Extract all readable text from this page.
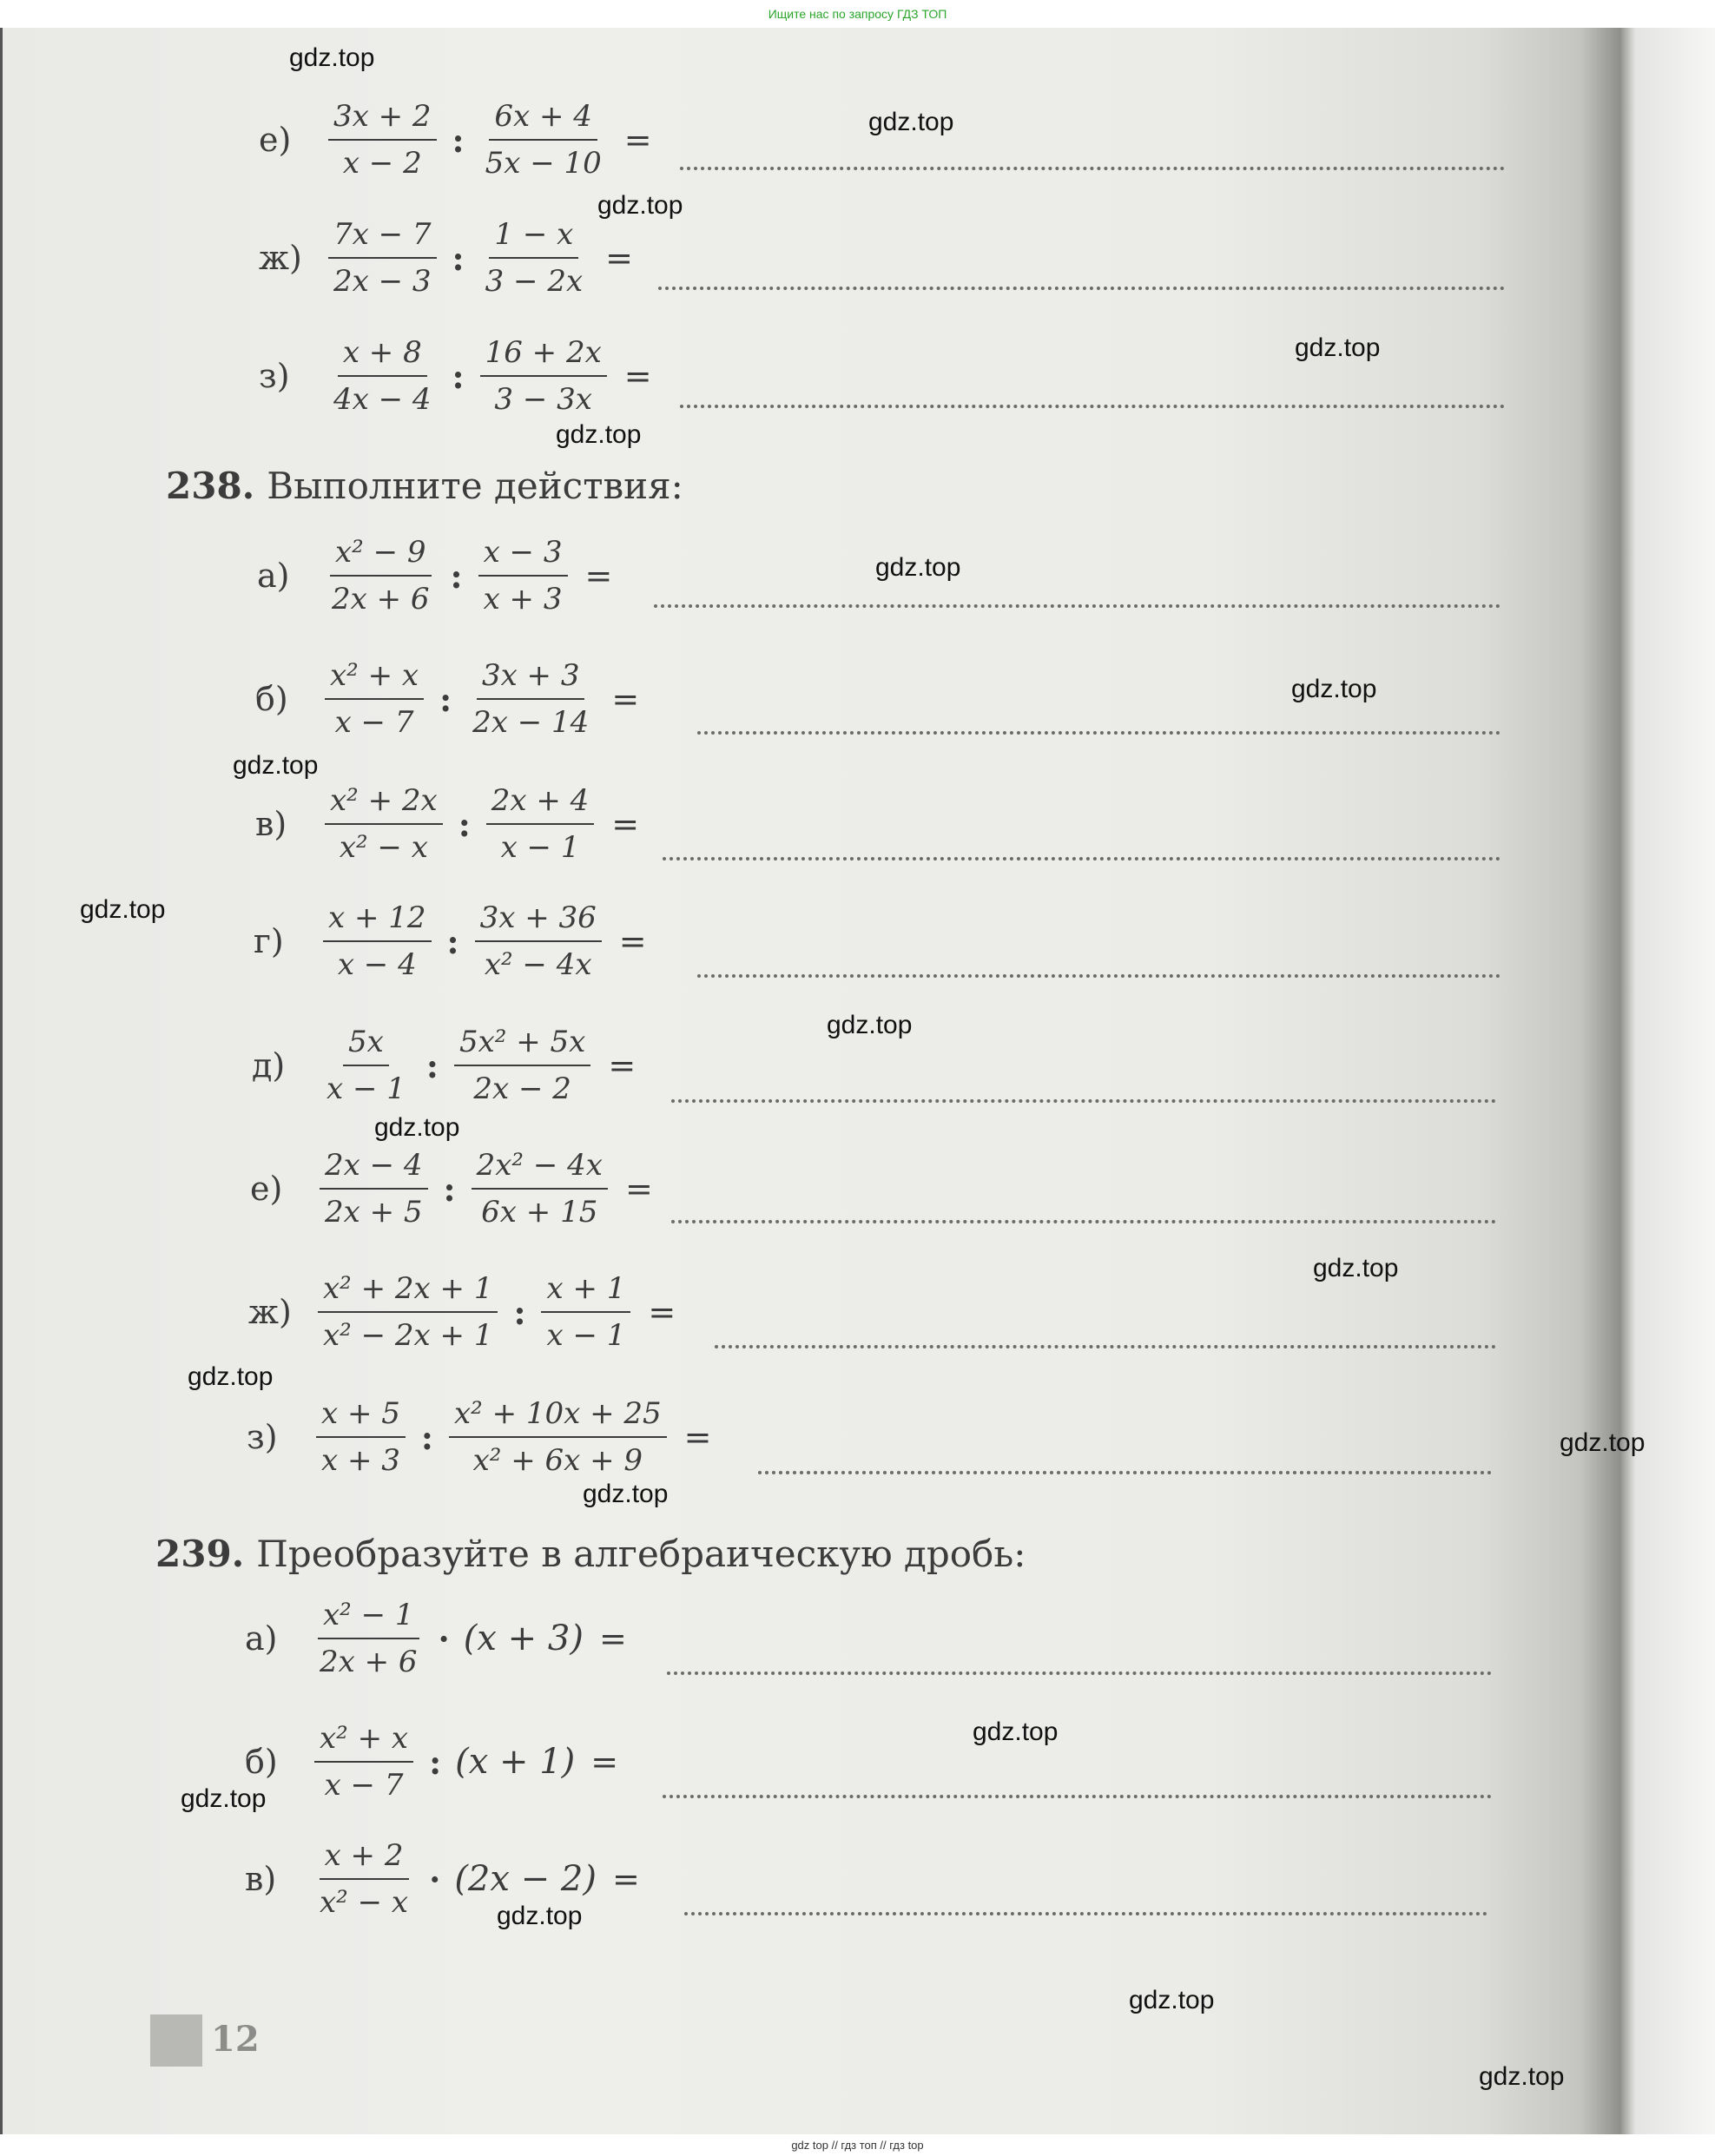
Ищите нас по запросу ГДЗ ТОП
е)	$\frac{3x + 2}{x - 2}$ : $\frac{6x + 4}{5x - 10}$ =
$ж) \frac{7x - 7}{2x - 3}$ : $\frac{1 - x}{3 - 2x}$ =
з)	$\frac{x + 8}{4x - 4}$ : $\frac{16 + 2x}{3 - 3x}$ =
238. Выполните действия:
а)	$\frac{\text{x² − 9}}{2x + 6}$ : $\frac{x - 3}{x + 3}$ =
б)	$\frac{\text{x² + x}}{x - 7}$ : $\frac{3x + 3}{2x - 14}$ =
в)	$\frac{\text{x² + 2x}}{\text{x² − x}}$ : $\frac{2x + 4}{x - 1}$ =
г)	$\frac{x + 12}{x - 4}$ : $\frac{3x + 36}{\text{x² − 4x}}$ =
д)	$\frac{5x}{x - 1}$ : $\frac{\text{5x² + 5x}}{2x - 2}$ =
е)	$\frac{2x - 4}{2x + 5}$ : $\frac{\text{2x² − 4x}}{6x + 15}$ =
$ж) \frac{\text{x² + 2x + 1}}{\text{x² − 2x + 1}}$ : $\frac{x + 1}{x - 1}$ =
з)	$\frac{x + 5}{x + 3}$ : $\frac{\text{x² + 10x + 25}}{\text{x² + 6x + 9}}$ =
239. Преобразуйте в алгебраическую дробь:
а)	$\frac{\text{x² − 1}}{2x + 6} \cdot (x + 3)$ =
б)	$\frac{\text{x² + x}}{x - 7}$ : (x + 1) =
в)	$\frac{x + 2}{\text{x² − x}} \cdot (2x - 2)$ =
12
gdz.top
gdz.top
gdz.top
gdz.top
gdz.top
gdz.top
gdz.top
gdz.top
gdz.top
gdz.top
gdz.top
gdz.top
gdz.top
gdz.top
gdz.top
gdz.top
gdz.top
gdz.top
gdz.top
gdz.top
gdz top // гдз топ // гдз top
